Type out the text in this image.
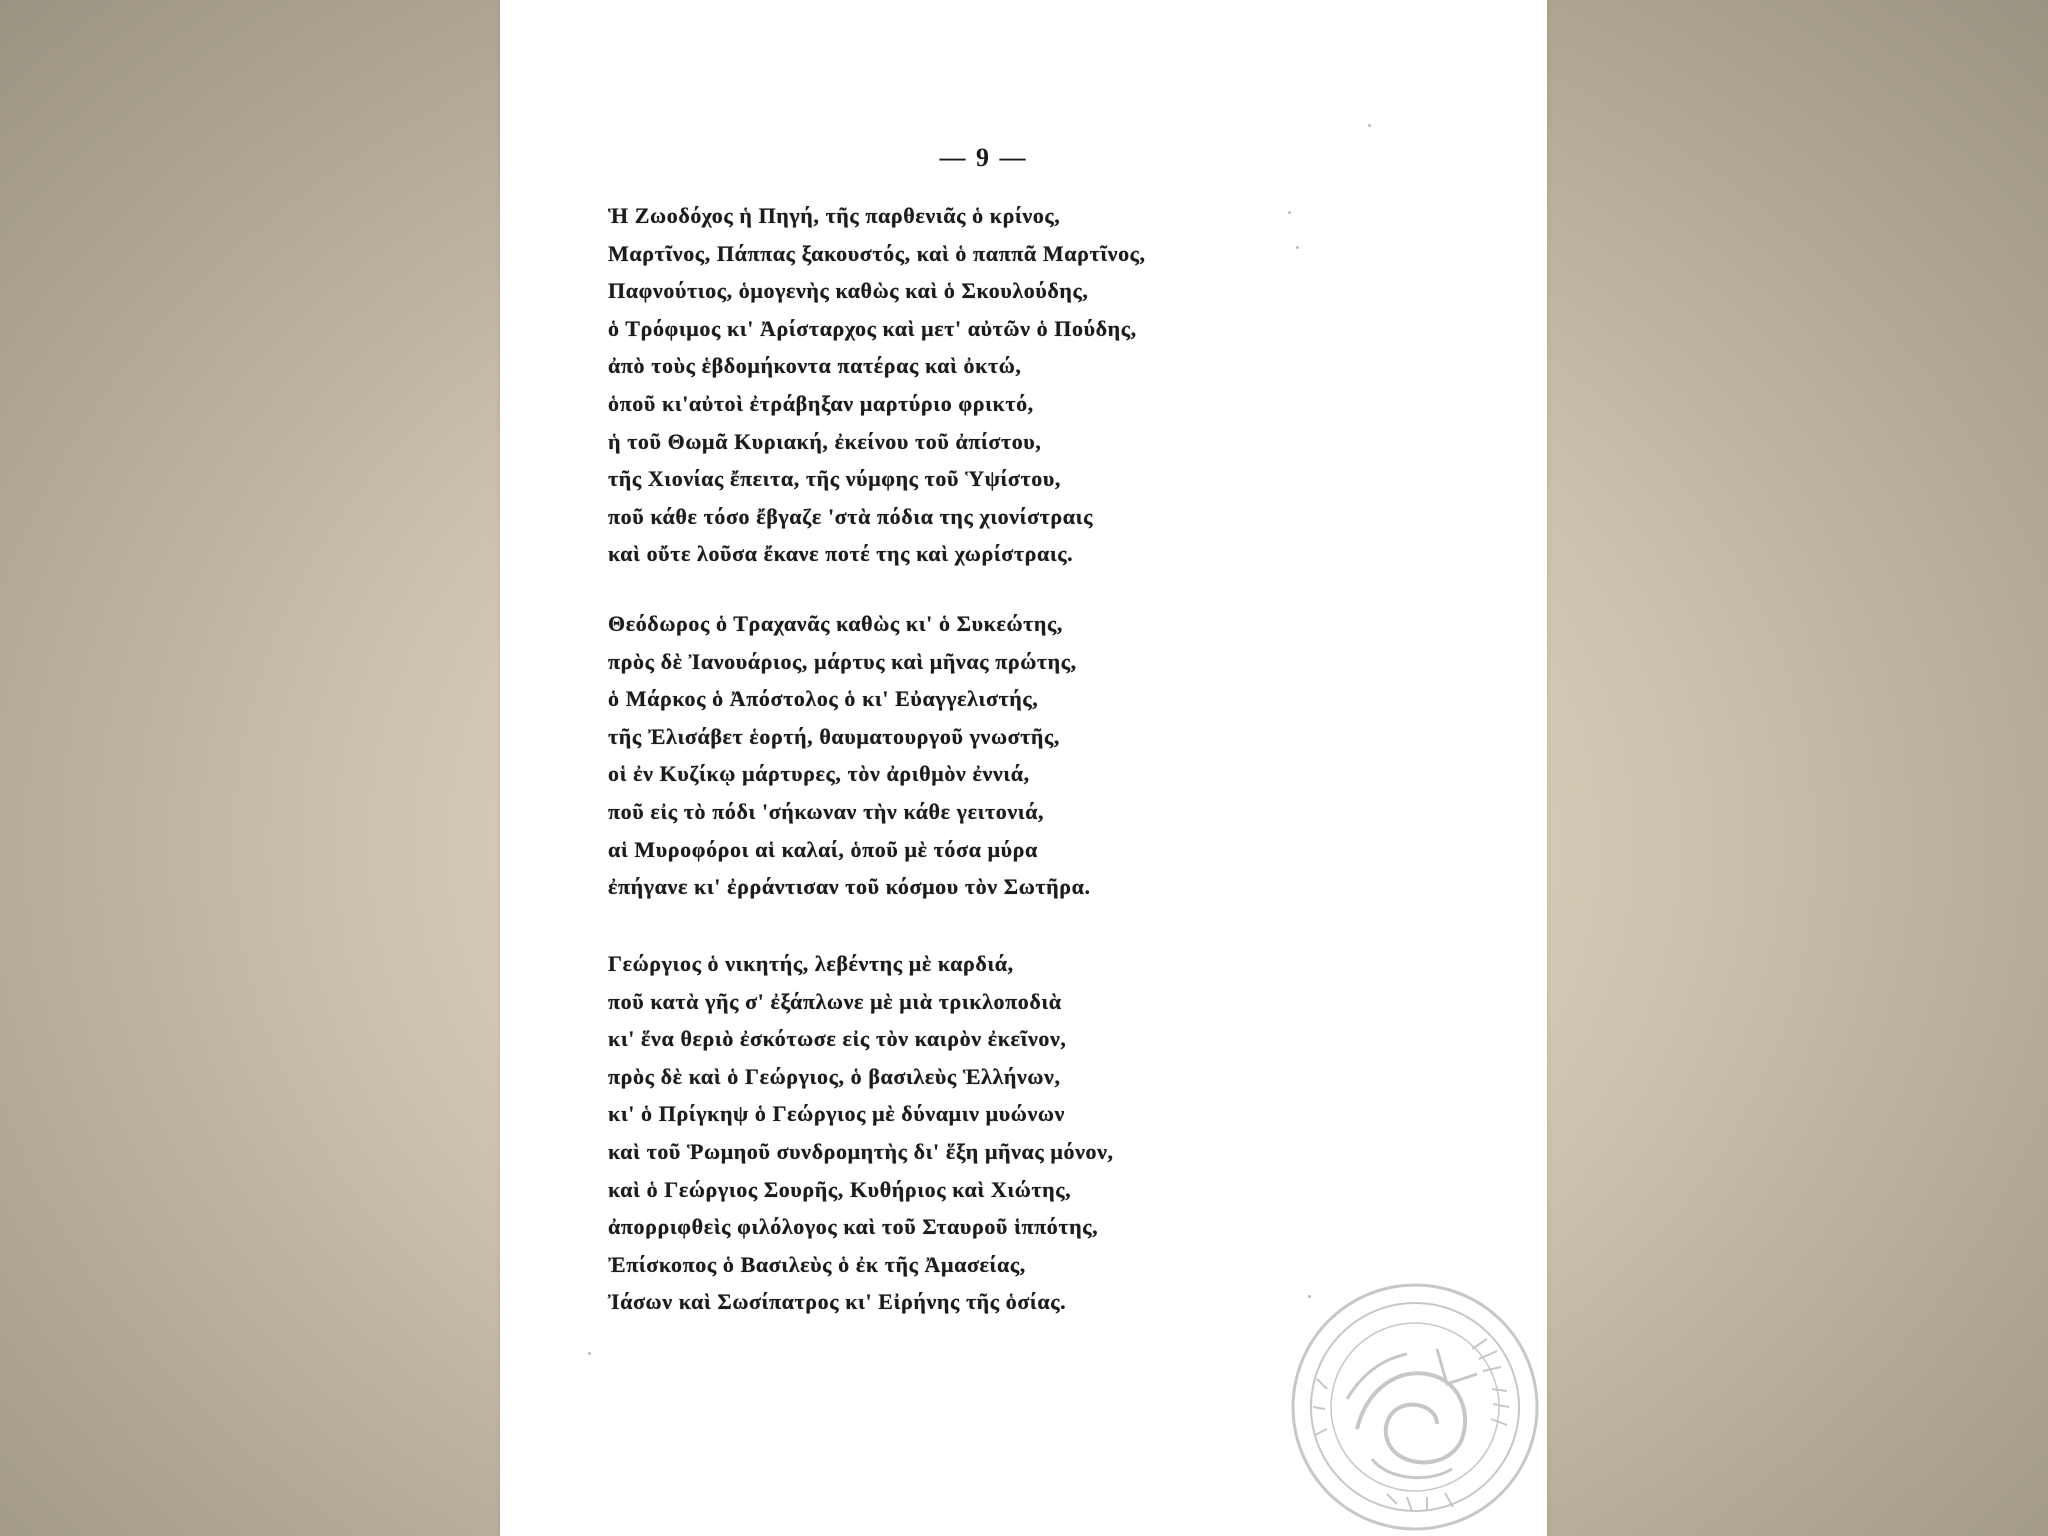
— 9 —
Ἡ Ζωοδόχος ἡ Πηγή, τῆς παρθενιᾶς ὁ κρίνος,
Μαρτῖνος, Πάππας ξακουστός, καὶ ὁ παππᾶ Μαρτῖνος,
Παφνούτιος, ὁμογενὴς καθὼς καὶ ὁ Σκουλούδης,
ὁ Τρόφιμος κι' Ἀρίσταρχος καὶ μετ' αὐτῶν ὁ Πούδης,
ἀπὸ τοὺς ἑβδομήκοντα πατέρας καὶ ὀκτώ,
ὁποῦ κι'αὐτοὶ ἐτράβηξαν μαρτύριο φρικτό,
ἡ τοῦ Θωμᾶ Κυριακή, ἐκείνου τοῦ ἀπίστου,
τῆς Χιονίας ἔπειτα, τῆς νύμφης τοῦ Ὑψίστου,
ποῦ κάθε τόσο ἔβγαζε 'στὰ πόδια της χιονίστραις
καὶ οὔτε λοῦσα ἔκανε ποτέ της καὶ χωρίστραις.
Θεόδωρος ὁ Τραχανᾶς καθὼς κι' ὁ Συκεώτης,
πρὸς δὲ Ἰανουάριος, μάρτυς καὶ μῆνας πρώτης,
ὁ Μάρκος ὁ Ἀπόστολος ὁ κι' Εὐαγγελιστής,
τῆς Ἐλισάβετ ἑορτή, θαυματουργοῦ γνωστῆς,
οἱ ἐν Κυζίκῳ μάρτυρες, τὸν ἀριθμὸν ἐννιά,
ποῦ εἰς τὸ πόδι 'σήκωναν τὴν κάθε γειτονιά,
αἱ Μυροφόροι αἱ καλαί, ὁποῦ μὲ τόσα μύρα
ἐπήγανε κι' ἐρράντισαν τοῦ κόσμου τὸν Σωτῆρα.
Γεώργιος ὁ νικητής, λεβέντης μὲ καρδιά,
ποῦ κατὰ γῆς σ' ἐξάπλωνε μὲ μιὰ τρικλοποδιὰ
κι' ἕνα θεριὸ ἐσκότωσε εἰς τὸν καιρὸν ἐκεῖνον,
πρὸς δὲ καὶ ὁ Γεώργιος, ὁ βασιλεὺς Ἑλλήνων,
κι' ὁ Πρίγκηψ ὁ Γεώργιος μὲ δύναμιν μυώνων
καὶ τοῦ Ῥωμηοῦ συνδρομητὴς δι' ἕξη μῆνας μόνον,
καὶ ὁ Γεώργιος Σουρῆς, Κυθήριος καὶ Χιώτης,
ἀπορριφθεὶς φιλόλογος καὶ τοῦ Σταυροῦ ἱππότης,
Ἐπίσκοπος ὁ Βασιλεὺς ὁ ἐκ τῆς Ἀμασείας,
Ἰάσων καὶ Σωσίπατρος κι' Εἰρήνης τῆς ὁσίας.
